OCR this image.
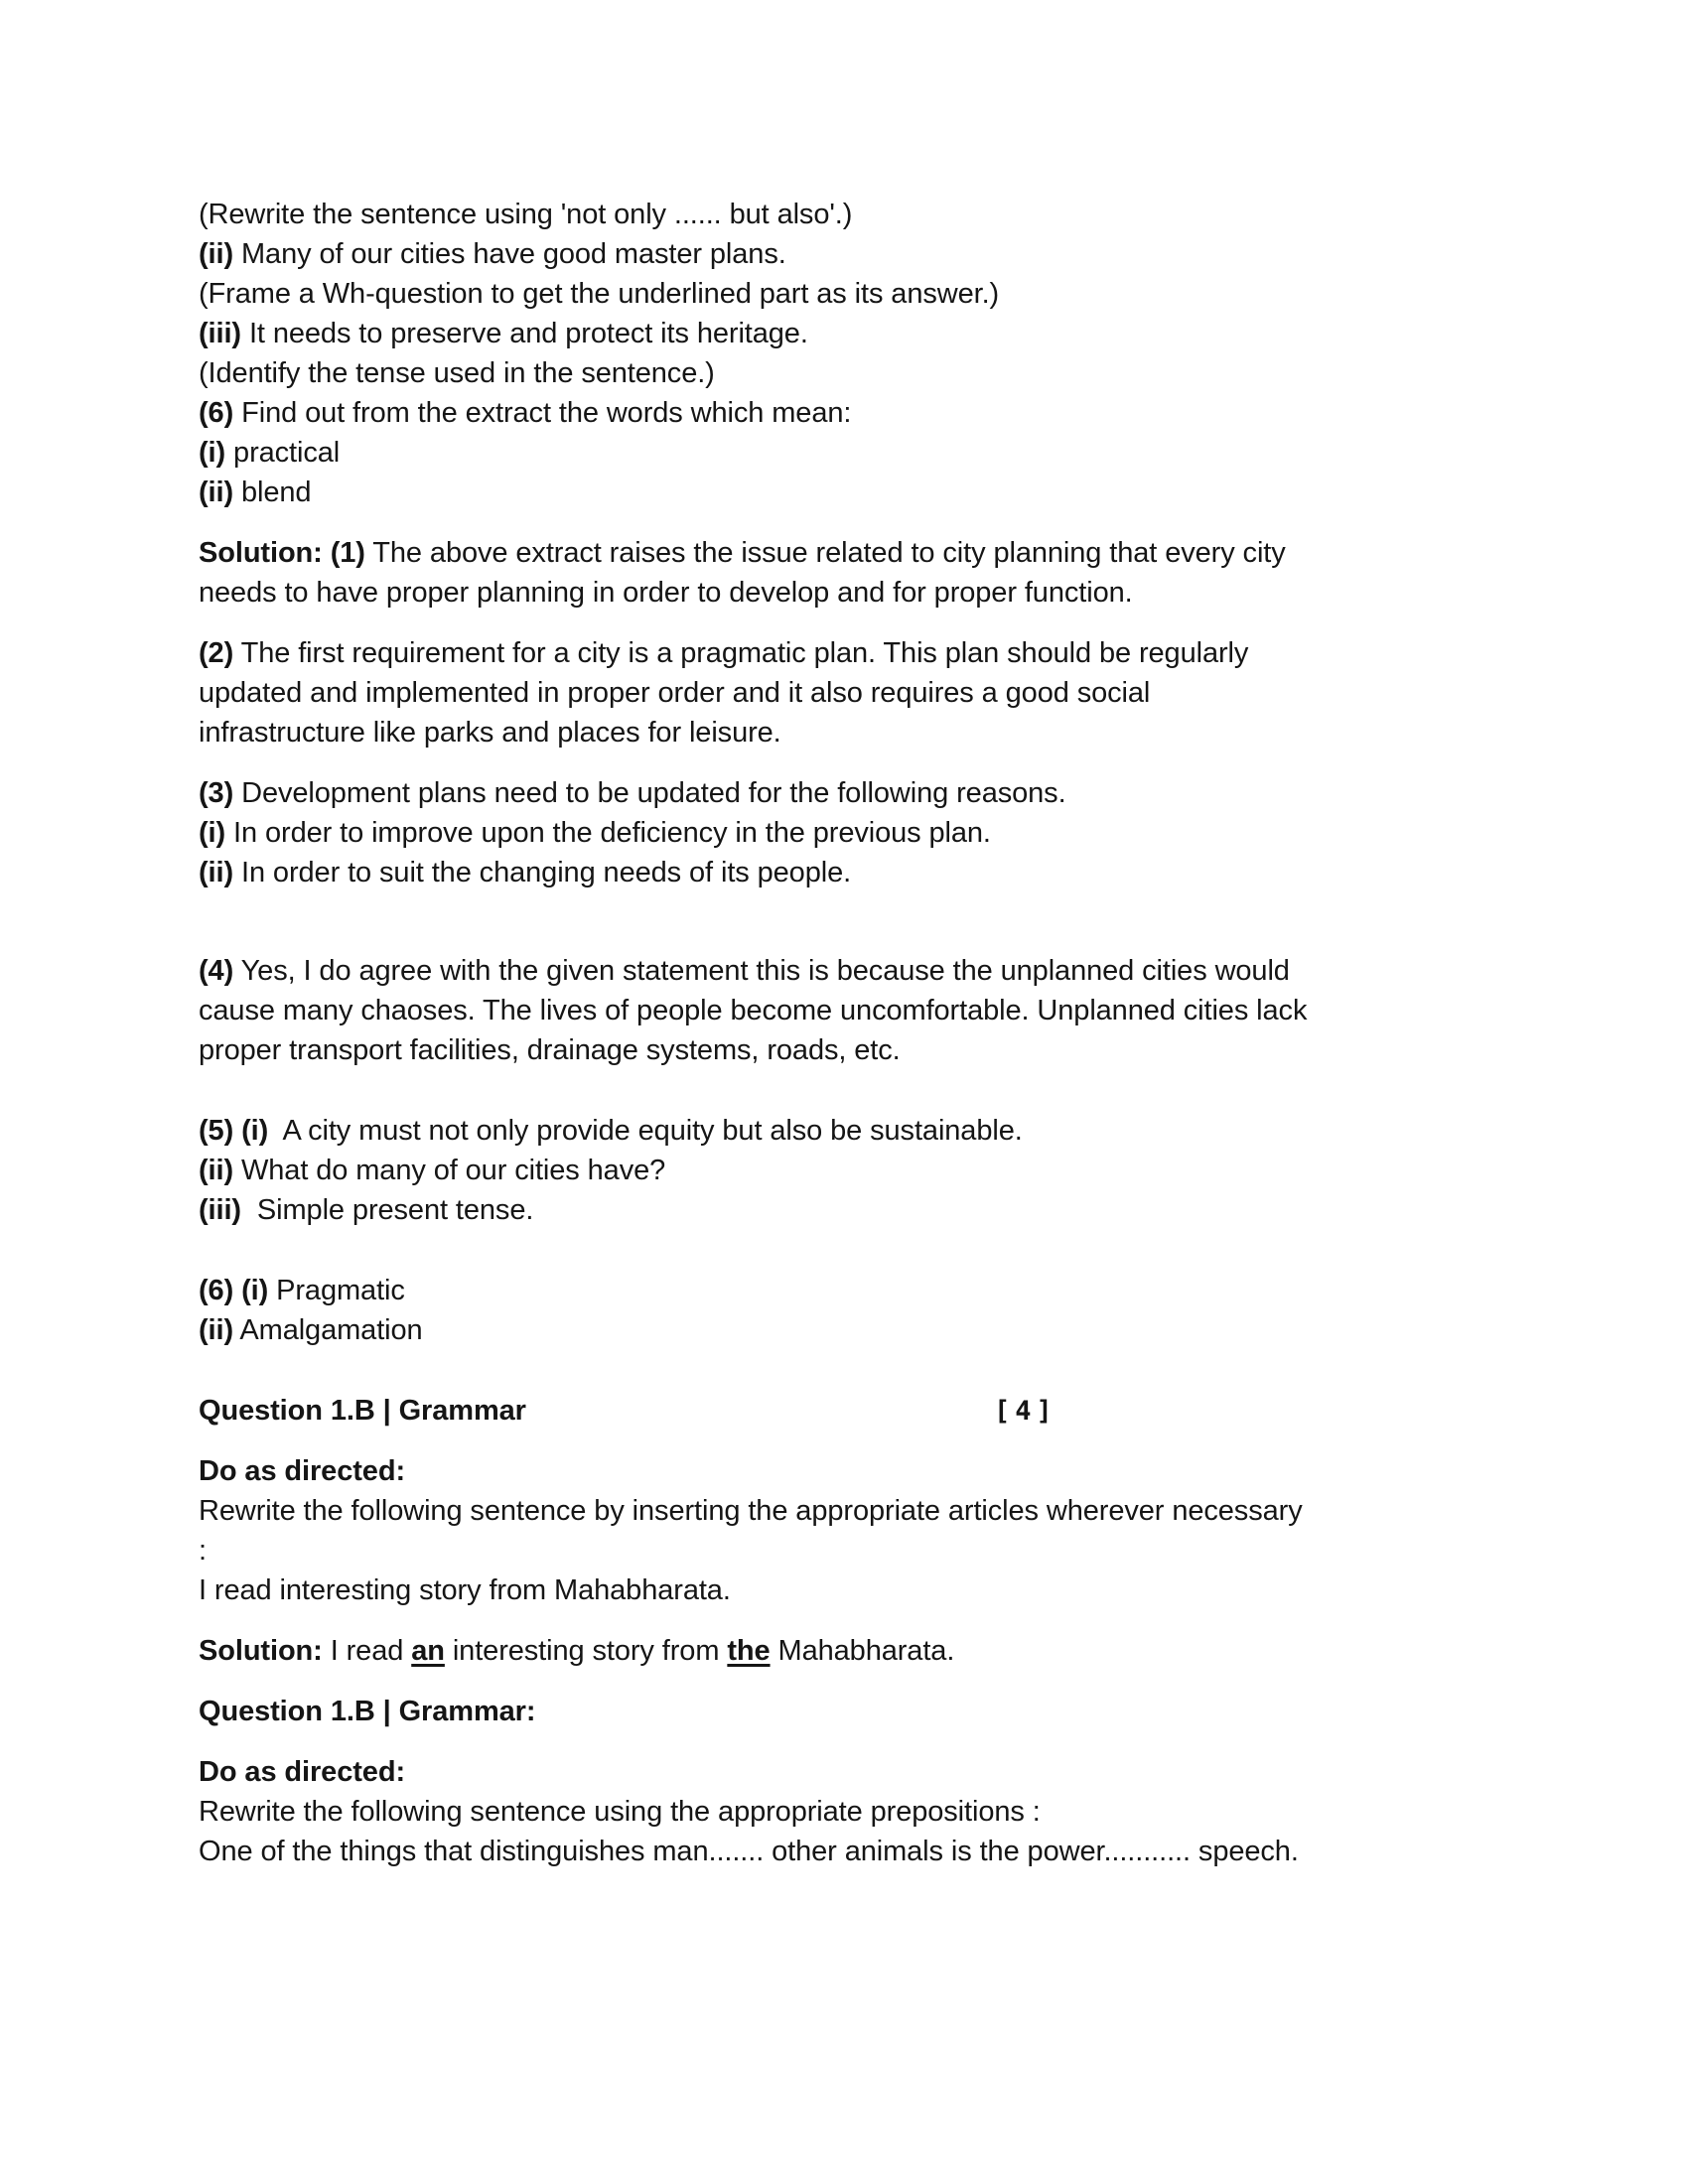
(Rewrite the sentence using 'not only ...... but also'.)
(ii) Many of our cities have good master plans.
(Frame a Wh-question to get the underlined part as its answer.)
(iii) It needs to preserve and protect its heritage.
(Identify the tense used in the sentence.)
(6) Find out from the extract the words which mean:
(i) practical
(ii) blend
Solution: (1) The above extract raises the issue related to city planning that every city
needs to have proper planning in order to develop and for proper function.
(2) The first requirement for a city is a pragmatic plan. This plan should be regularly
updated and implemented in proper order and it also requires a good social
infrastructure like parks and places for leisure.
(3) Development plans need to be updated for the following reasons.
(i) In order to improve upon the deficiency in the previous plan.
(ii) In order to suit the changing needs of its people.
(4) Yes, I do agree with the given statement this is because the unplanned cities would
cause many chaoses. The lives of people become uncomfortable. Unplanned cities lack
proper transport facilities, drainage systems, roads, etc.
(5) (i)  A city must not only provide equity but also be sustainable.
(ii) What do many of our cities have?
(iii)  Simple present tense.
(6) (i) Pragmatic
(ii) Amalgamation
Question 1.B | Grammar	[4]
Do as directed:
Rewrite the following sentence by inserting the appropriate articles wherever necessary
:
I read interesting story from Mahabharata.
Solution: I read an interesting story from the Mahabharata.
Question 1.B | Grammar:
Do as directed:
Rewrite the following sentence using the appropriate prepositions :
One of the things that distinguishes man....... other animals is the power........... speech.
